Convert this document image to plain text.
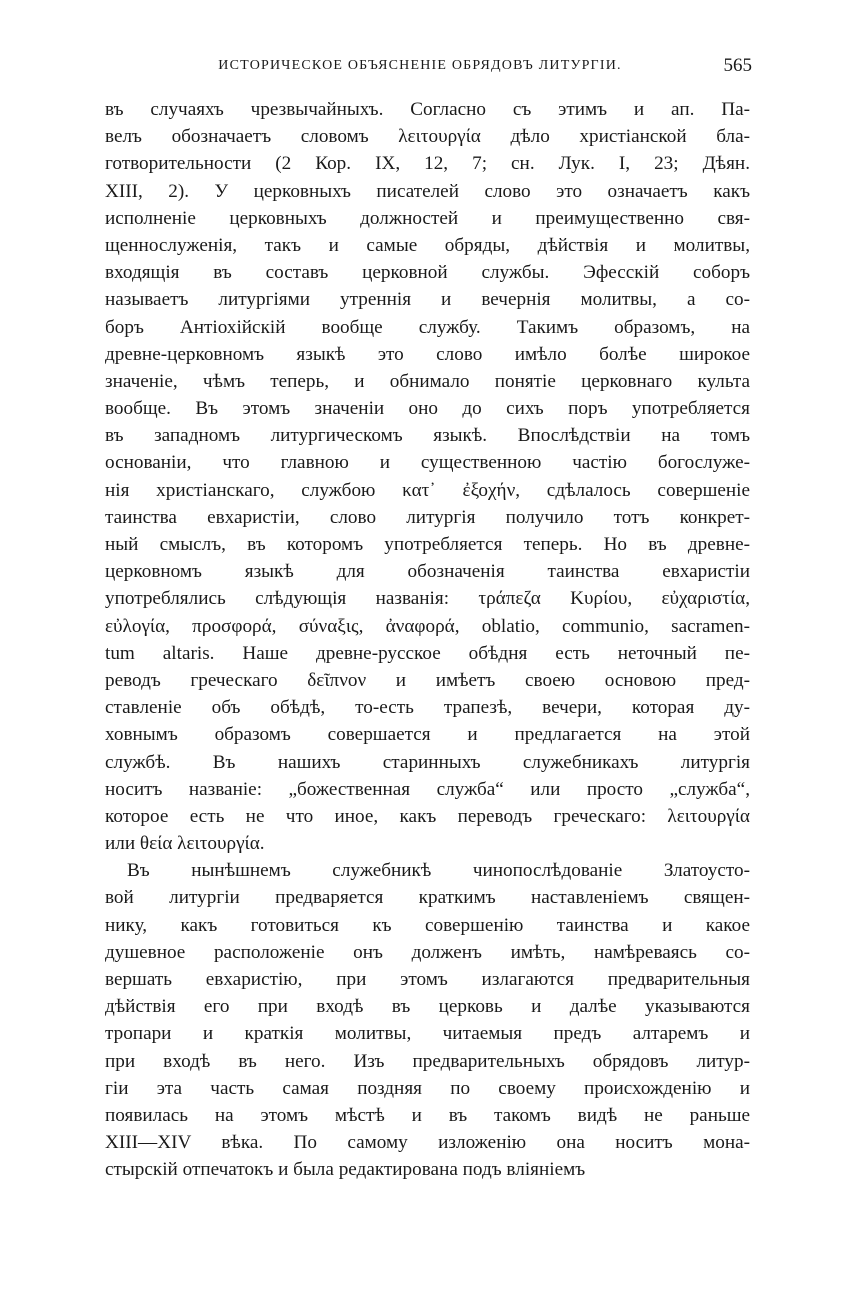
ИСТОРИЧЕСКОЕ ОБЪЯСНЕНІЕ ОБРЯДОВЪ ЛИТУРГІИ.	565
въ случаяхъ чрезвычайныхъ. Согласно съ этимъ и ап. Па-
велъ обозначаетъ словомъ λειτουργία дѣло христіанской бла-
готворительности (2 Кор. IX, 12, 7; сн. Лук. I, 23; Дѣян.
XIII, 2). У церковныхъ писателей слово это означаетъ какъ
исполненіе церковныхъ должностей и преимущественно свя-
щеннослуженія, такъ и самые обряды, дѣйствія и молитвы,
входящія въ составъ церковной службы. Эфесскій соборъ
называетъ литургіями утреннія и вечернія молитвы, а со-
боръ Антіохійскій вообще службу. Такимъ образомъ, на
древне-церковномъ языкѣ это слово имѣло болѣе широкое
значеніе, чѣмъ теперь, и обнимало понятіе церковнаго культа
вообще. Въ этомъ значеніи оно до сихъ поръ употребляется
въ западномъ литургическомъ языкѣ. Впослѣдствіи на томъ
основаніи, что главною и существенною частію богослуже-
нія христіанскаго, службою κατ᾽ ἐξοχήν, сдѣлалось совершеніе
таинства евхаристіи, слово литургія получило тотъ конкрет-
ный смыслъ, въ которомъ употребляется теперь. Но въ древне-
церковномъ языкѣ для обозначенія таинства евхаристіи
употреблялись слѣдующія названія: τράπεζα Κυρίου, εὐχαριστία,
εὐλογία, προσφορά, σύναξις, ἀναφορά, oblatio, communio, sacramen-
tum altaris. Наше древне-русское обѣдня есть неточный пе-
реводъ греческаго δεῖπνον и имѣетъ своею основою пред-
ставленіе объ обѣдѣ, то-есть трапезѣ, вечери, которая ду-
ховнымъ образомъ совершается и предлагается на этой
службѣ. Въ нашихъ старинныхъ служебникахъ литургія
носитъ названіе: „божественная служба“ или просто „служба“,
которое есть не что иное, какъ переводъ греческаго: λειτουργία
или θεία λειτουργία.
Въ нынѣшнемъ служебникѣ чинопослѣдованіе Златоусто-
вой литургіи предваряется краткимъ наставленіемъ священ-
нику, какъ готовиться къ совершенію таинства и какое
душевное расположеніе онъ долженъ имѣть, намѣреваясь со-
вершать евхаристію, при этомъ излагаются предварительныя
дѣйствія его при входѣ въ церковь и далѣе указываются
тропари и краткія молитвы, читаемыя предъ алтаремъ и
при входѣ въ него. Изъ предварительныхъ обрядовъ литур-
гіи эта часть самая поздняя по своему происхожденію и
появилась на этомъ мѣстѣ и въ такомъ видѣ не раньше
XIII—XIV вѣка. По самому изложенію она носитъ мона-
стырскій отпечатокъ и была редактирована подъ вліяніемъ
